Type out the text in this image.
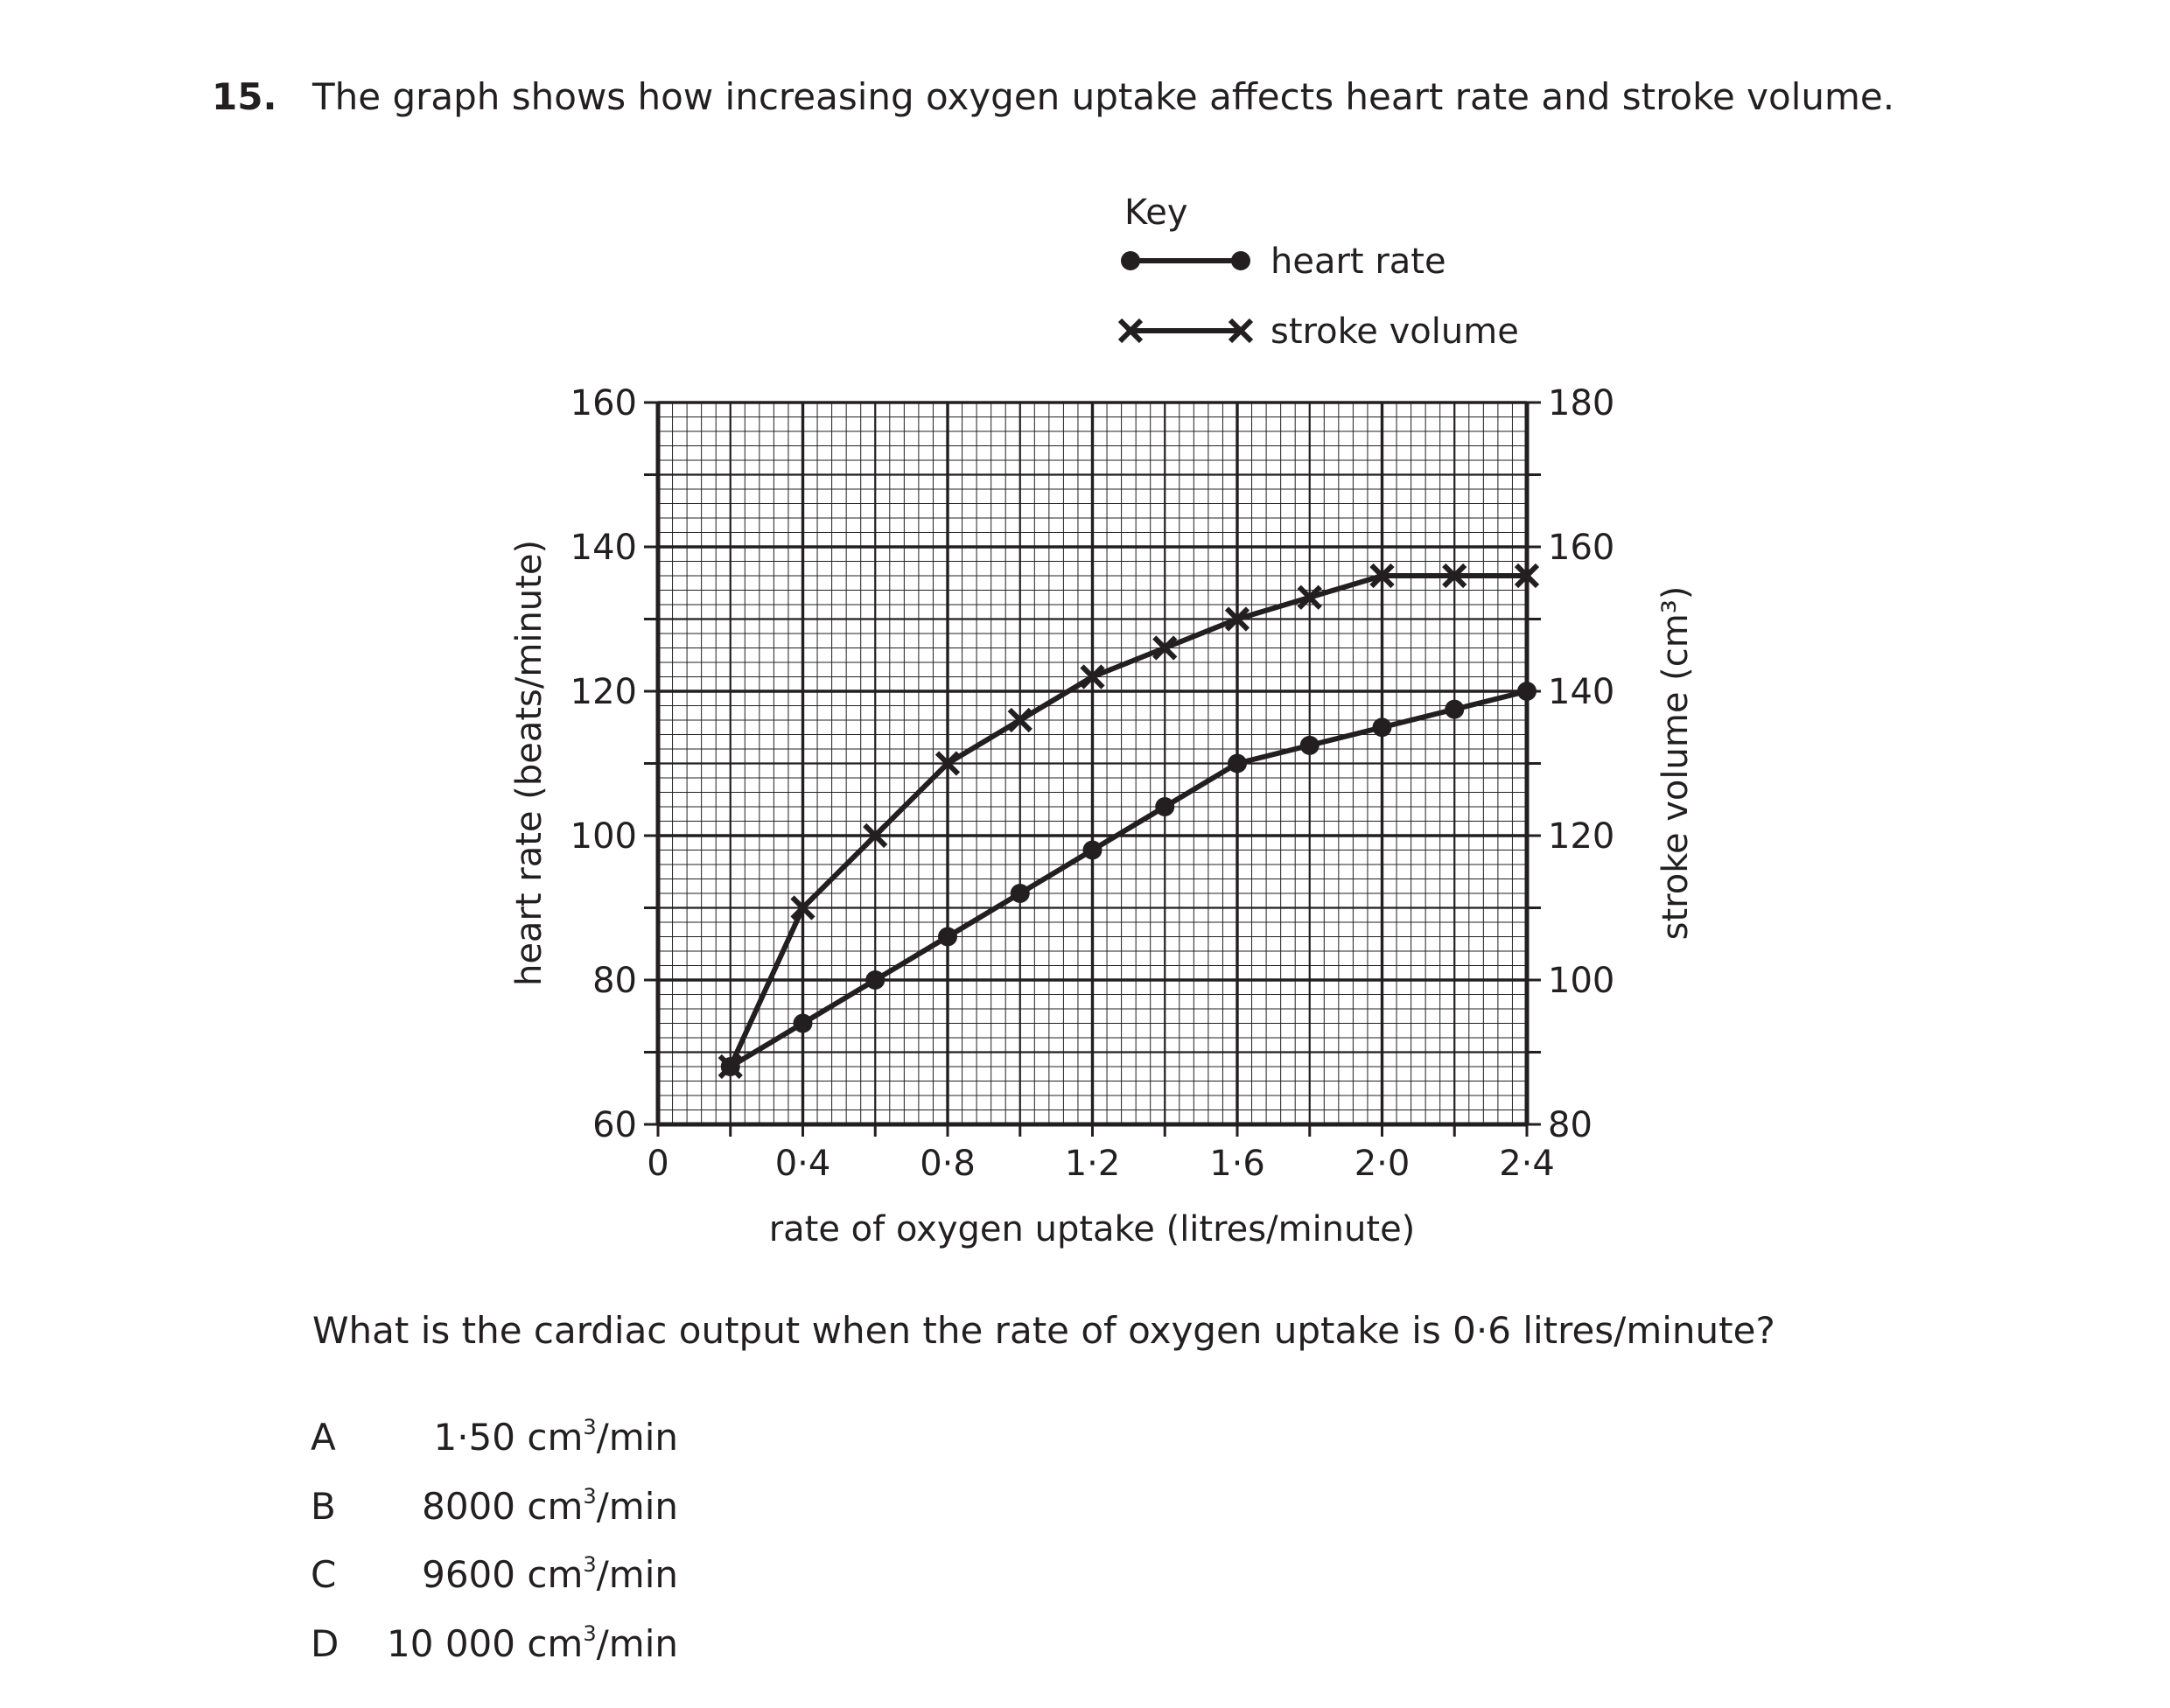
15. The graph shows how increasing oxygen uptake affects heart rate and stroke volume.
0	0·4	0·8	1·2	1·6	2·0	2·4
60
80
100
120
140
160
80
100
120
140
160
180
rate of oxygen uptake (litres/minute)
heart rate (beats/minute)	stroke volume (cm³)
Key
heart rate
stroke volume
What is the cardiac output when the rate of oxygen uptake is 0·6 litres/minute?
A	1·50 $cm^3/\min$
B	8000 $cm^3/\min$
C	9600 $cm^3/\min$
D 10 000 $cm^3/\min$
